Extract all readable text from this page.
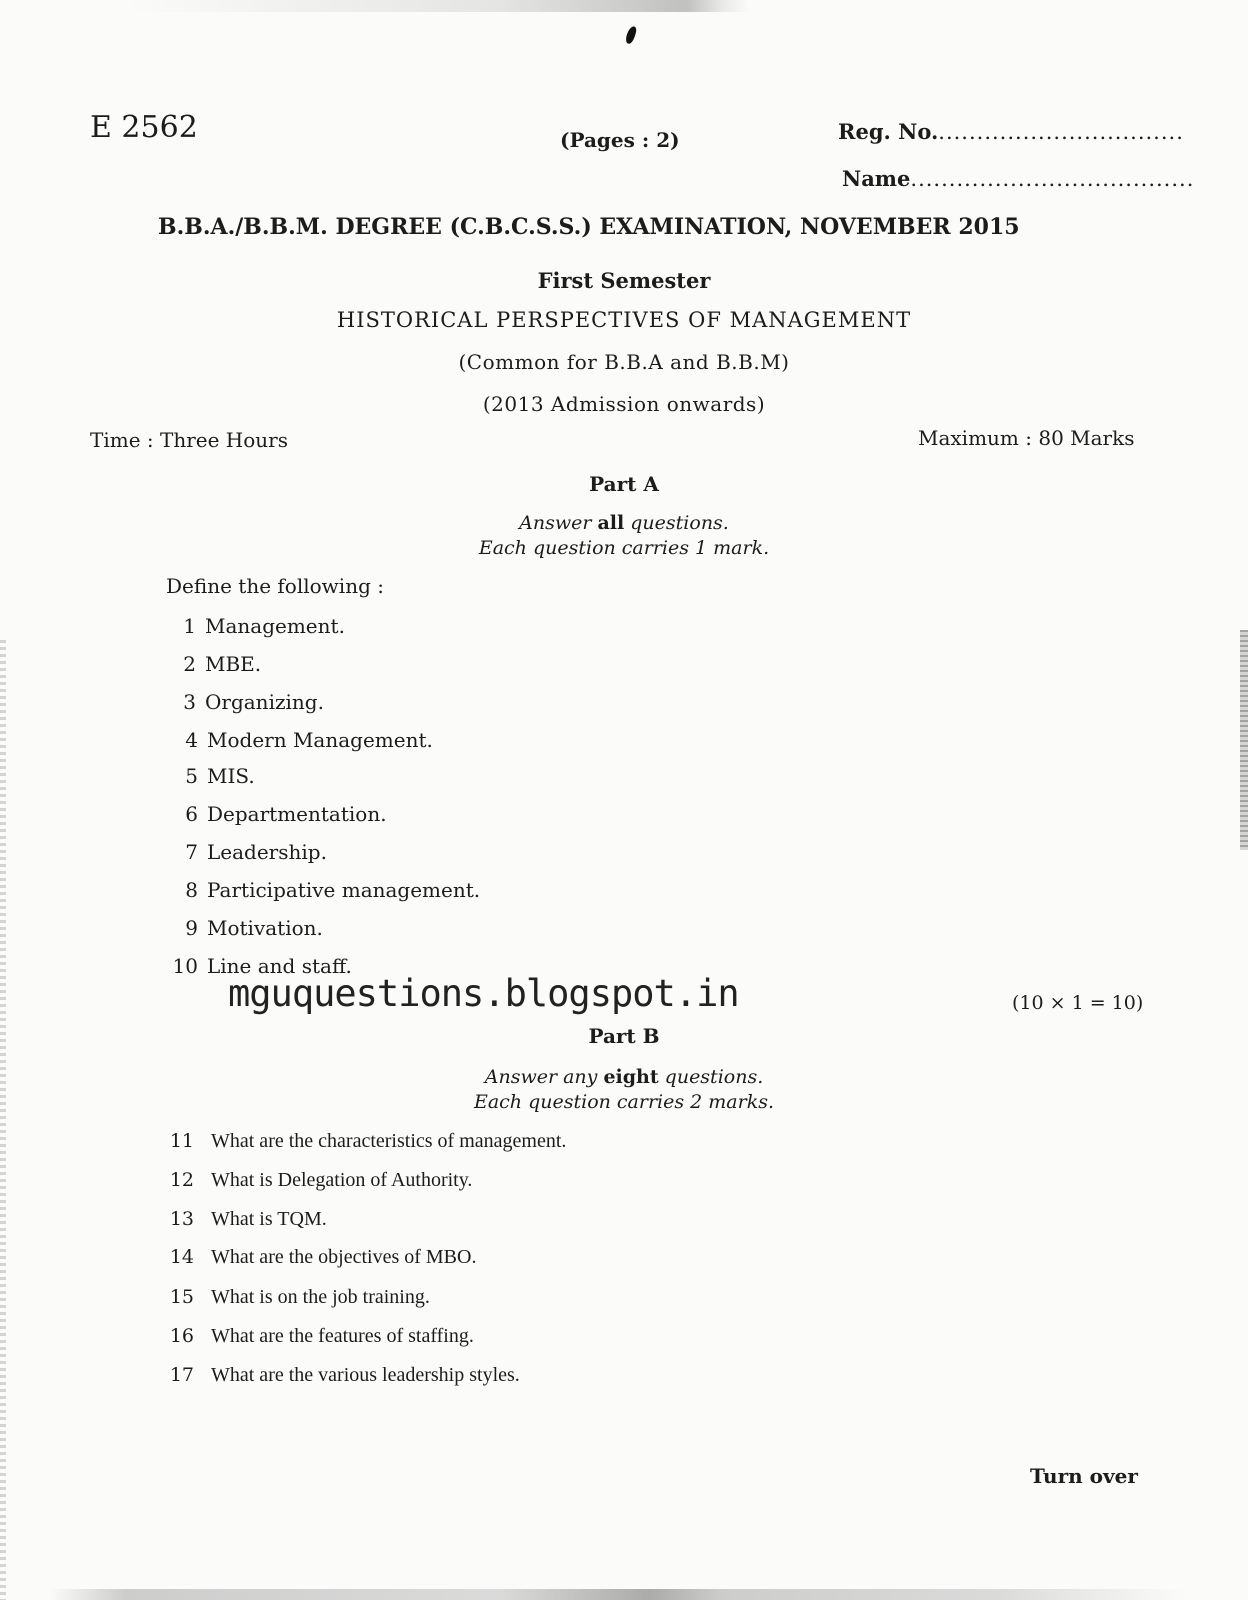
E 2562	(Pages : 2)	Reg. No.................................
Name.....................................
B.B.A./B.B.M. DEGREE (C.B.C.S.S.) EXAMINATION, NOVEMBER 2015
First Semester
HISTORICAL PERSPECTIVES OF MANAGEMENT
(Common for B.B.A and B.B.M)
(2013 Admission onwards)
Time : Three Hours	Maximum : 80 Marks
Part A
Answer all questions.
Each question carries 1 mark.
Define the following :
1 Management.
2 MBE.
3 Organizing.
4 Modern Management.
5 MIS.
6 Departmentation.
7 Leadership.
8 Participative management.
9 Motivation.
10 Line and staff.
mguquestions.blogspot.in	(10 × 1 = 10)
Part B
Answer any eight questions.
Each question carries 2 marks.
11 What are the characteristics of management.
12 What is Delegation of Authority.
13 What is TQM.
14 What are the objectives of MBO.
15 What is on the job training.
16 What are the features of staffing.
17 What are the various leadership styles.
Turn over
